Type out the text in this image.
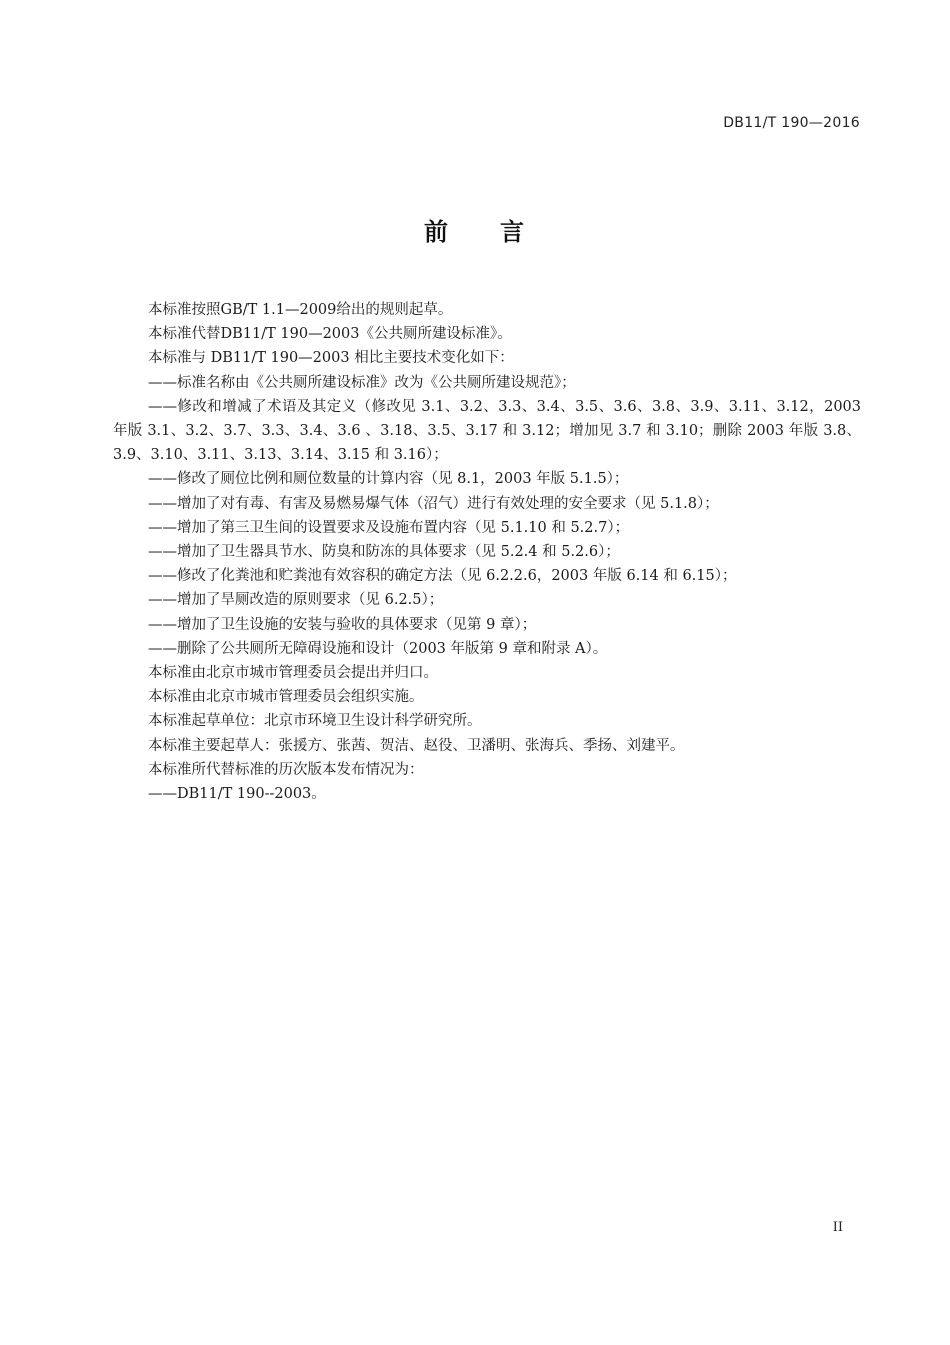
DB11/T 190—2016
前 言

本标准按照GB/T 1.1—2009给出的规则起草。

本标准代替DB11/T 190—2003《公共厕所建设标准》。

本标准与 DB11/T 190—2003 相比主要技术变化如下：

——标准名称由《公共厕所建设标准》改为《公共厕所建设规范》；

——修改和增减了术语及其定义（修改见 3.1、3.2、3.3、3.4、3.5、3.6、3.8、3.9、3.11、3.12，2003 年版 3.1、3.2、3.7、3.3、3.4、3.6 、3.18、3.5、3.17 和 3.12；增加见 3.7 和 3.10；删除 2003 年版 3.8、3.9、3.10、3.11、3.13、3.14、3.15 和 3.16）；

——修改了厕位比例和厕位数量的计算内容（见 8.1，2003 年版 5.1.5）；

——增加了对有毒、有害及易燃易爆气体（沼气）进行有效处理的安全要求（见 5.1.8）；

——增加了第三卫生间的设置要求及设施布置内容（见 5.1.10 和 5.2.7）；

——增加了卫生器具节水、防臭和防冻的具体要求（见 5.2.4 和 5.2.6）；

——修改了化粪池和贮粪池有效容积的确定方法（见 6.2.2.6，2003 年版 6.14 和 6.15）；

——增加了旱厕改造的原则要求（见 6.2.5）；

——增加了卫生设施的安装与验收的具体要求（见第 9 章）；

——删除了公共厕所无障碍设施和设计（2003 年版第 9 章和附录 A）。

本标准由北京市城市管理委员会提出并归口。

本标准由北京市城市管理委员会组织实施。

本标准起草单位：北京市环境卫生设计科学研究所。

本标准主要起草人：张援方、张茜、贺洁、赵役、卫潘明、张海兵、季扬、刘建平。

本标准所代替标准的历次版本发布情况为：

——DB11/T 190-‐2003。

II
